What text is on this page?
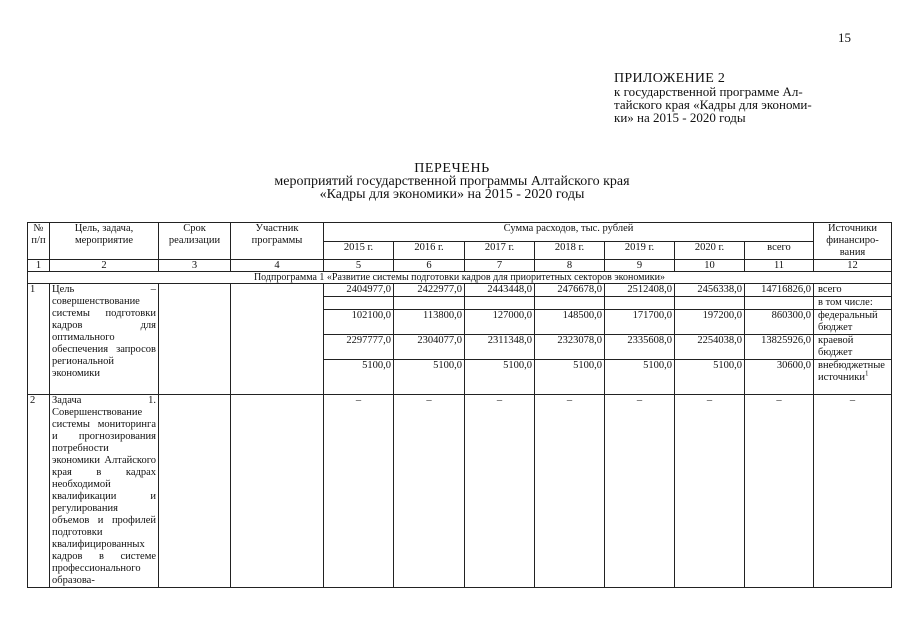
15
ПРИЛОЖЕНИЕ 2
к государственной программе Ал-
тайского края «Кадры для экономи-
ки» на 2015 - 2020 годы
ПЕРЕЧЕНЬ
мероприятий государственной программы Алтайского края
«Кадры для экономики» на 2015 - 2020 годы
№ п/п	Цель, задача, мероприятие	Срок реализации	Участник программы	Сумма расходов, тыс. рублей							Источники финансиро-вания
				2015 г.	2016 г.	2017 г.	2018 г.	2019 г.	2020 г.	всего	
1	2	3	4	5	6	7	8	9	10	11	12
Подпрограмма 1 «Развитие системы подготовки кадров для приоритетных секторов экономики»											
1	Цель – совершенствование системы подготовки кадров для оптимального обеспечения запросов региональной экономики			2404977,0	2422977,0	2443448,0	2476678,0	2512408,0	2456338,0	14716826,0	всего
											в том числе:
				102100,0	113800,0	127000,0	148500,0	171700,0	197200,0	860300,0	федеральный бюджет
				2297777,0	2304077,0	2311348,0	2323078,0	2335608,0	2254038,0	13825926,0	краевой бюджет
				5100,0	5100,0	5100,0	5100,0	5100,0	5100,0	30600,0	внебюджетные источники$^1$
2	Задача 1. Совершенствование системы мониторинга и прогнозирования потребности экономики Алтайского края в кадрах необходимой квалификации и регулирования объемов и профилей подготовки квалифицированных кадров в системе профессионального образова-			–	–	–	–	–	–	–	–
